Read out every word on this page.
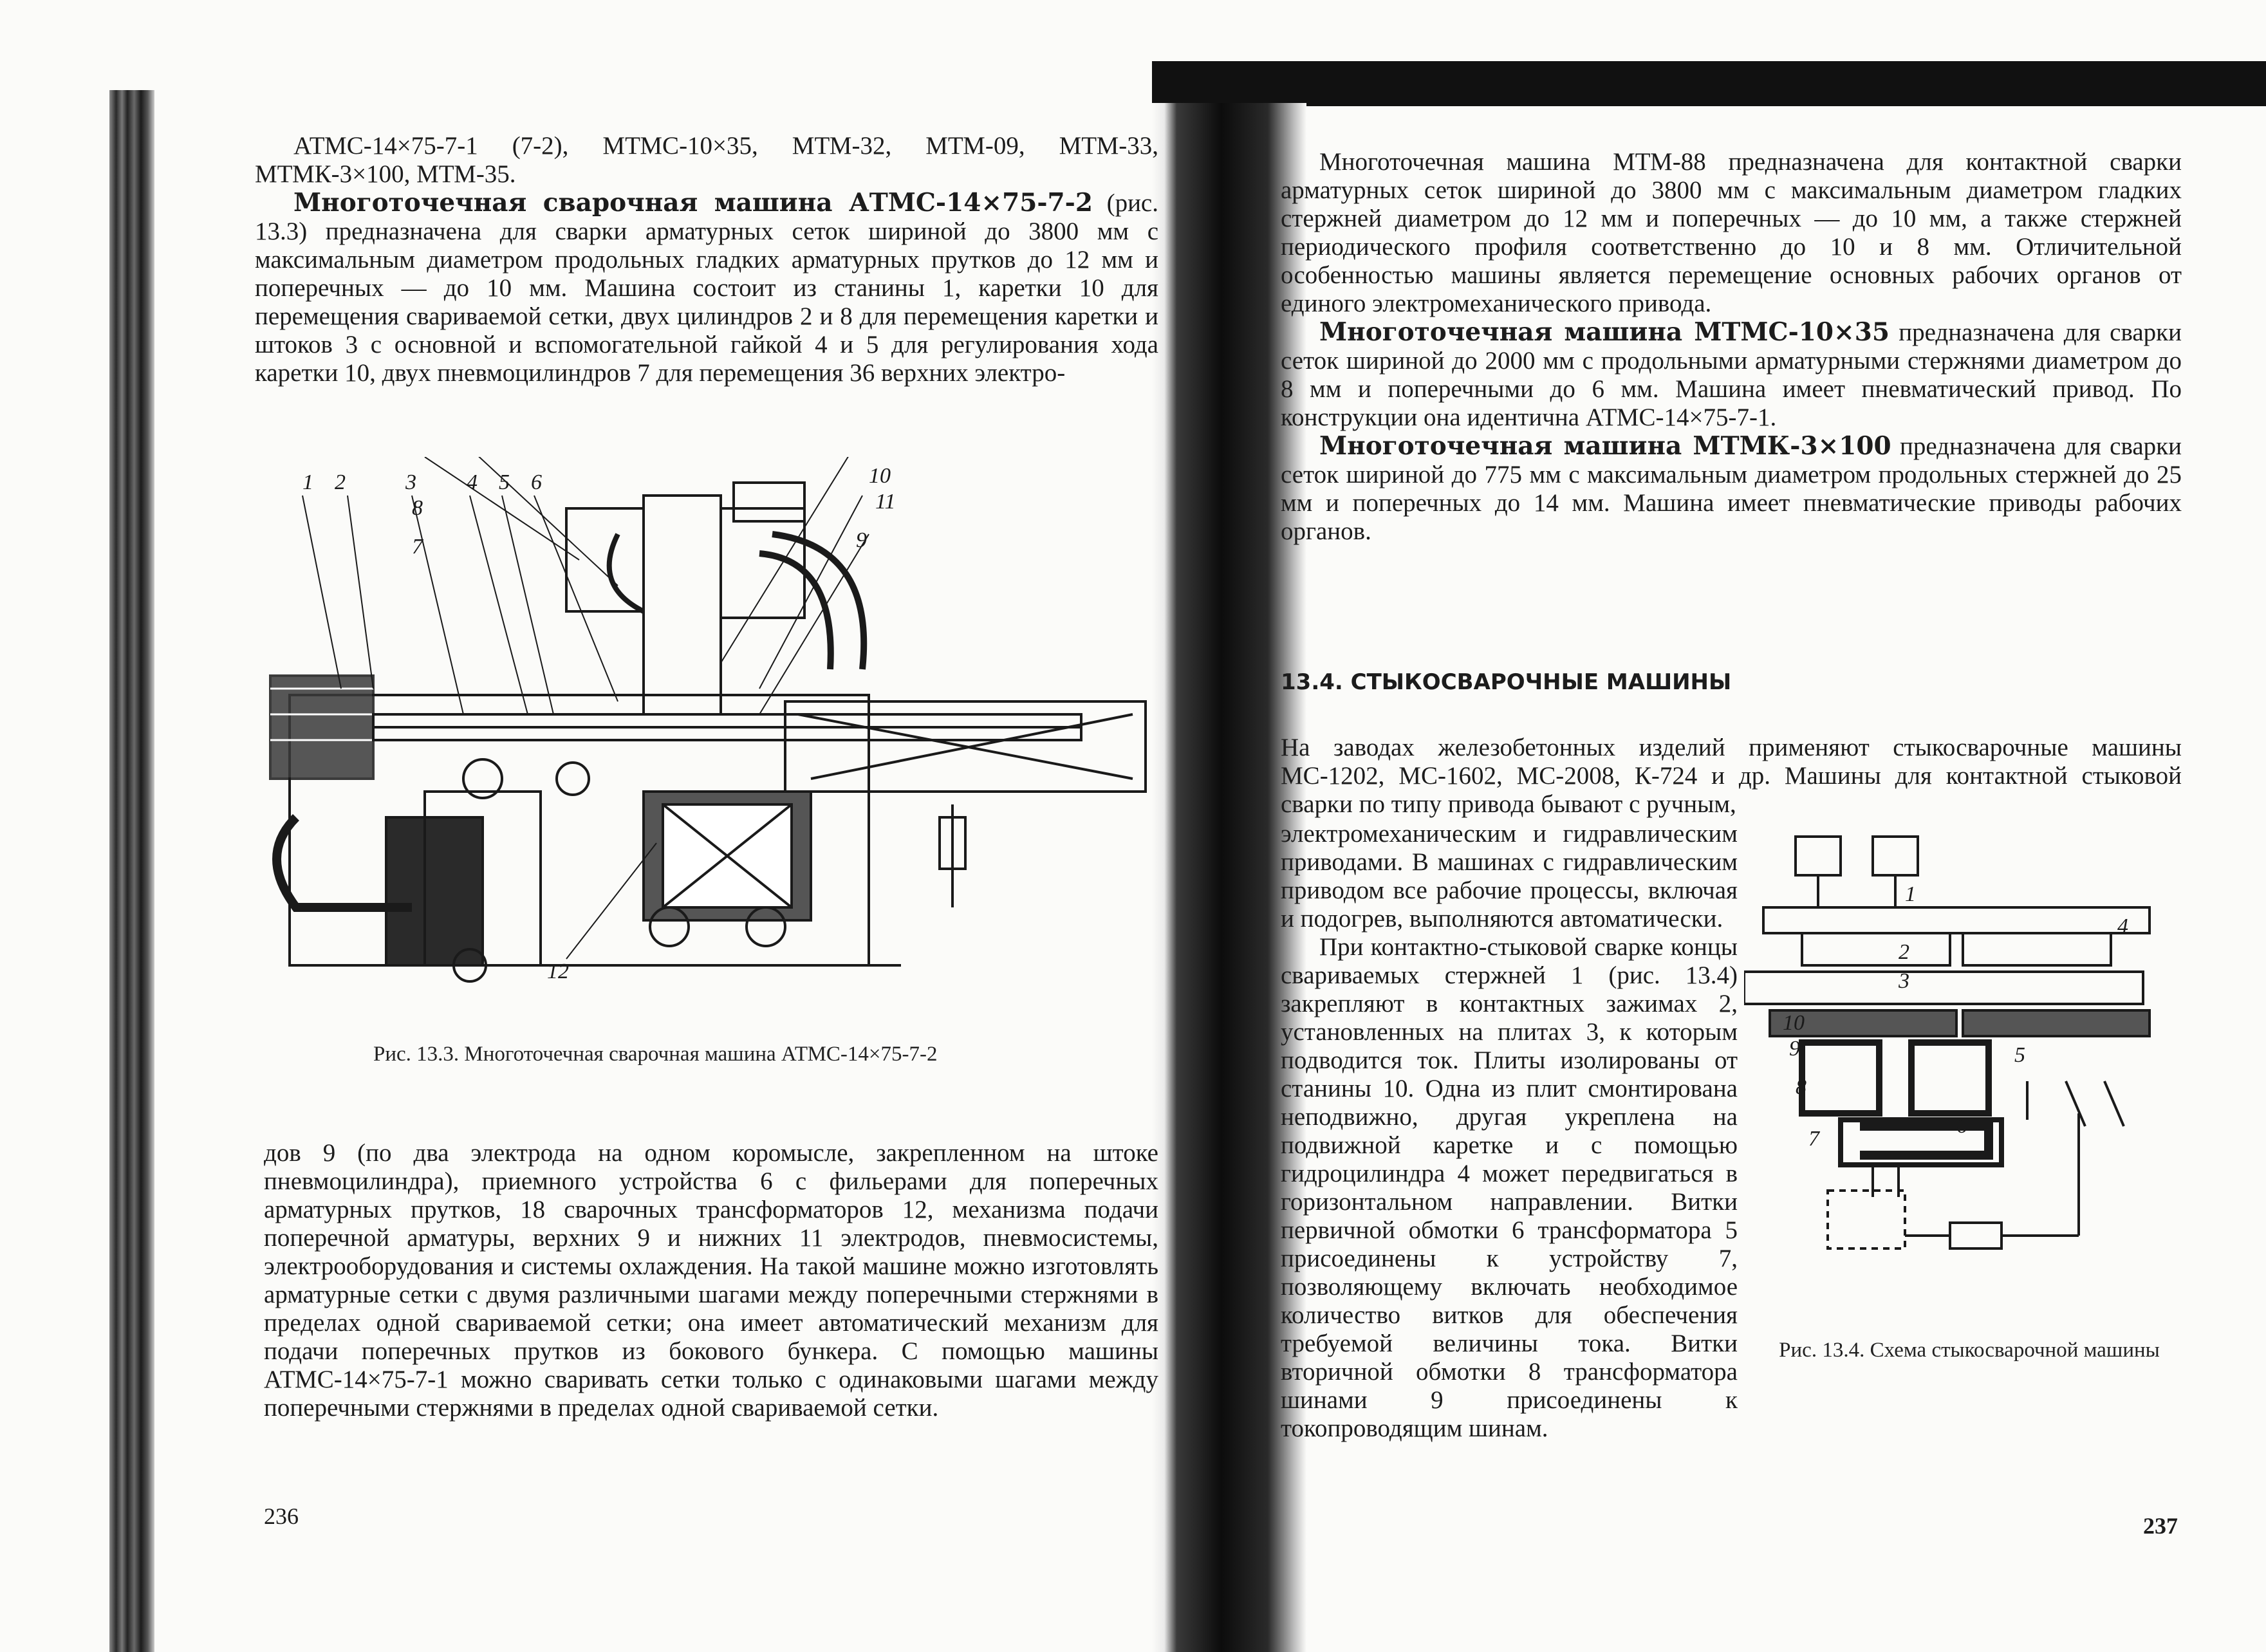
АТМС-14×75-7-1 (7-2), МТМС-10×35, МТМ-32, МТМ-09, МТМ-33, МТМК-3×100, МТМ-35.

Многоточечная сварочная машина АТМС-14×75-7-2 (рис. 13.3) предназначена для сварки арматурных сеток шириной до 3800 мм с максимальным диаметром продольных гладких арматурных прутков до 12 мм и поперечных — до 10 мм. Машина состоит из станины 1, каретки 10 для перемещения свариваемой сетки, двух цилиндров 2 и 8 для перемещения каретки и штоков 3 с основной и вспомогательной гайкой 4 и 5 для регулирования хода каретки 10, двух пневмоцилиндров 7 для перемещения 36 верхних электро-

1 2	3 4 5 6
7
8
9
10
11
12
Рис. 13.3. Многоточечная сварочная машина АТМС-14×75-7-2

дов 9 (по два электрода на одном коромысле, закрепленном на штоке пневмоцилиндра), приемного устройства 6 с фильерами для поперечных арматурных прутков, 18 сварочных трансформаторов 12, механизма подачи поперечной арматуры, верхних 9 и нижних 11 электродов, пневмосистемы, электрооборудования и системы охлаждения. На такой машине можно изготовлять арматурные сетки с двумя различными шагами между поперечными стержнями в пределах одной свариваемой сетки; она имеет автоматический механизм для подачи поперечных прутков из бокового бункера. С помощью машины АТМС-14×75-7-1 можно сваривать сетки только с одинаковыми шагами между поперечными стержнями в пределах одной свариваемой сетки.

236

Многоточечная машина МТМ-88 предназначена для контактной сварки арматурных сеток шириной до 3800 мм с максимальным диаметром гладких стержней диаметром до 12 мм и поперечных — до 10 мм, а также стержней периодического профиля соответственно до 10 и 8 мм. Отличительной особенностью машины является перемещение основных рабочих органов от единого электромеханического привода.

Многоточечная машина МТМС-10×35 предназначена для сварки сеток шириной до 2000 мм с продольными арматурными стержнями диаметром до 8 мм и поперечными до 6 мм. Машина имеет пневматический привод. По конструкции она идентична АТМС-14×75-7-1.

Многоточечная машина МТМК-3×100 предназначена для сварки сеток шириной до 775 мм с максимальным диаметром продольных стержней до 25 мм и поперечных до 14 мм. Машина имеет пневматические приводы рабочих органов.

13.4. СТЫКОСВАРОЧНЫЕ МАШИНЫ

На заводах железобетонных изделий применяют стыкосварочные машины МС-1202, МС-1602, МС-2008, К-724 и др. Машины для контактной стыковой сварки по типу привода бывают с ручным,

электромеханическим и гидравлическим приводами. В машинах с гидравлическим приводом все рабочие процессы, включая и подогрев, выполняются автоматически.

При контактно-стыковой сварке концы свариваемых стержней 1 (рис. 13.4) закрепляют в контактных зажимах 2, установленных на плитах 3, к которым подводится ток. Плиты изолированы от станины 10. Одна из плит смонтирована неподвижно, другая укреплена на подвижной каретке и с помощью гидроцилиндра 4 может передвигаться в горизонтальном направлении. Витки первичной обмотки 6 трансформатора 5 присоединены к устройству 7, позволяющему включать необходимое количество витков для обеспечения требуемой величины тока. Витки вторичной обмотки 8 трансформатора шинами 9 присоединены к токопроводящим шинам.

1
2
3
4
5
6
7
8
9
10
Рис. 13.4. Схема стыкосварочной машины
237
